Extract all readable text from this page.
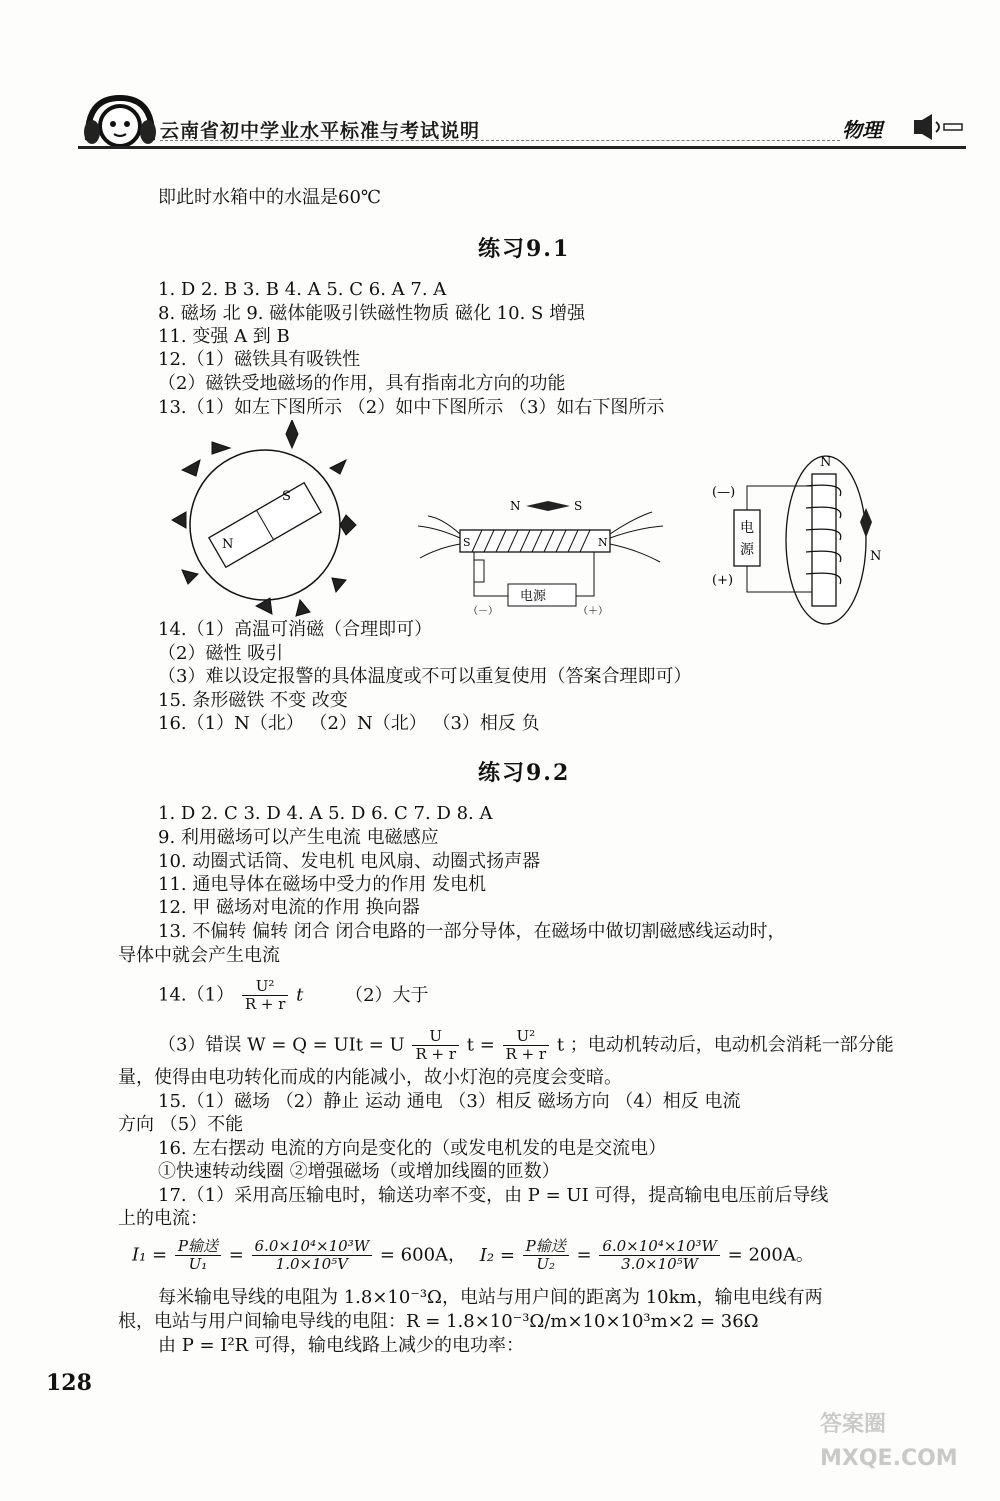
云南省初中学业水平标准与考试说明	物理
即此时水箱中的水温是60℃
练习9.1
1. D 2. B 3. B 4. A 5. C 6. A 7. A
8. 磁场 北 9. 磁体能吸引铁磁性物质 磁化 10. S 增强
11. 变强 A 到 B
12.（1）磁铁具有吸铁性
（2）磁铁受地磁场的作用，具有指南北方向的功能
13.（1）如左下图所示 （2）如中下图所示 （3）如右下图所示
S
N
N	S
S	N
电源
（－）	（＋）
(—)
(+)
电
源
N
N
14.（1）高温可消磁（合理即可）
（2）磁性 吸引
（3）难以设定报警的具体温度或不可以重复使用（答案合理即可）
15. 条形磁铁 不变 改变
16.（1）N（北） （2）N（北） （3）相反 负
练习9.2
1. D 2. C 3. D 4. A 5. D 6. C 7. D 8. A
9. 利用磁场可以产生电流 电磁感应
10. 动圈式话筒、发电机 电风扇、动圈式扬声器
11. 通电导体在磁场中受力的作用 发电机
12. 甲 磁场对电流的作用 换向器
13. 不偏转 偏转 闭合 闭合电路的一部分导体，在磁场中做切割磁感线运动时，
导体中就会产生电流
$14.(1) \frac{\text{U²}}{R + r}$ t （2）大于
（3）错误 W = Q = UIt = U $\frac{U}{R + r}$ $t = \frac{\text{U²}}{R + r}$ t ；电动机转动后，电动机会消耗一部分能
量，使得由电功转化而成的内能减小，故小灯泡的亮度会变暗。
15.（1）磁场 （2）静止 运动 通电 （3）相反 磁场方向 （4）相反 电流
方向 （5）不能
16. 左右摆动 电流的方向是变化的（或发电机发的电是交流电）
①快速转动线圈 ②增强磁场（或增加线圈的匝数）
17.（1）采用高压输电时，输送功率不变，由 P = UI 可得，提高输电电压前后导线
上的电流：
$I_1 = \frac{\text{P输送}}{\text{U₁}} = \frac{\text{6.0×10⁴×10³W}}{\text{1.0×10⁵V}} = 600A$， $I_2 = \frac{\text{P输送}}{\text{U₂}} = \frac{\text{6.0×10⁴×10³W}}{\text{3.0×10⁵W}} = 200A$。
每米输电导线的电阻为 1.8×10⁻³Ω，电站与用户间的距离为 10km，输电电线有两
根，电站与用户间输电导线的电阻：R = 1.8×10⁻³Ω/m×10×10³m×2 = 36Ω
由 P = I²R 可得，输电线路上减少的电功率：
128
答案圈 MXQE.COM
